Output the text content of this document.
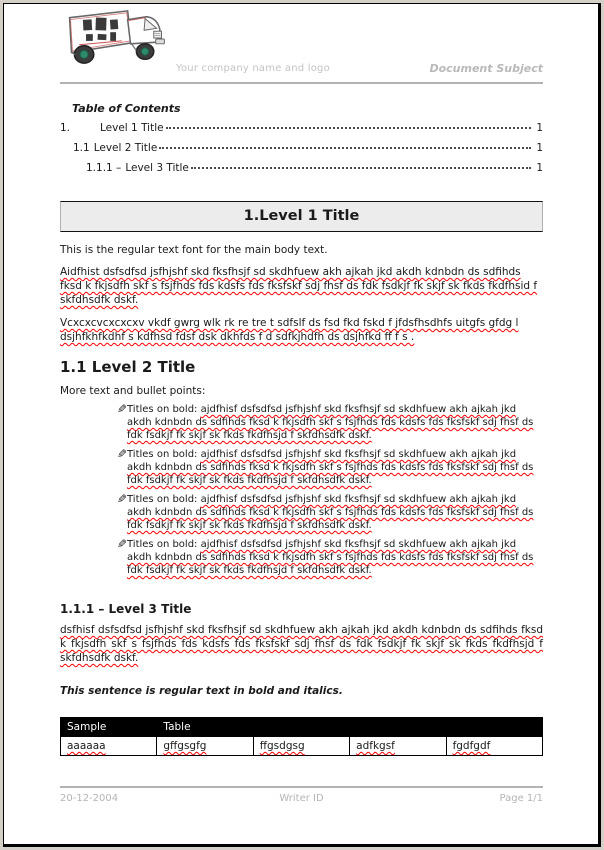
Your company name and logo	Document Subject
Table of Contents
1.	Level 1 Title	1
1.1 Level 2 Title	1
1.1.1 – Level 3 Title	1
1.Level 1 Title
This is the regular text font for the main body text.
Aidfhist dsfsdfsd jsfhjshf skd fksfhsjf sd skdhfuew akh ajkah jkd akdh kdnbdn ds sdfihds fksd k fkjsdfh skf s fsjfhds fds kdsfs fds fksfskf sdj fhsf ds fdk fsdkjf fk skjf sk fkds fkdfhsid f skfdhsdfk dskf.
Vcxcxcvcxcxcxv vkdf gwrg wlk rk re tre t sdfslf ds fsd fkd fskd f jfdsfhsdhfs uitgfs gfdg l dsjhfkhfkdhf s kdfhsd fdsf dsk dkhfds f d sdfkjhdfh ds dsjhfkd ff f s .
1.1 Level 2 Title
More text and bullet points:
✎ Titles on bold: ajdfhisf dsfsdfsd jsfhjshf skd fksfhsjf sd skdhfuew akh ajkah jkd akdh kdnbdn ds sdfihds fksd k fkjsdfh skf s fsjfhds fds kdsfs fds fksfskf sdj fhsf ds fdk fsdkjf fk skjf sk fkds fkdfhsjd f skfdhsdfk dskf.
✎ Titles on bold: ajdfhisf dsfsdfsd jsfhjshf skd fksfhsjf sd skdhfuew akh ajkah jkd akdh kdnbdn ds sdfihds fksd k fkjsdfh skf s fsjfhds fds kdsfs fds fksfskf sdj fhsf ds fdk fsdkjf fk skjf sk fkds fkdfhsjd f skfdhsdfk dskf.
✎ Titles on bold: ajdfhisf dsfsdfsd jsfhjshf skd fksfhsjf sd skdhfuew akh ajkah jkd akdh kdnbdn ds sdfihds fksd k fkjsdfh skf s fsjfhds fds kdsfs fds fksfskf sdj fhsf ds fdk fsdkjf fk skjf sk fkds fkdfhsjd f skfdhsdfk dskf.
✎ Titles on bold: ajdfhisf dsfsdfsd jsfhjshf skd fksfhsjf sd skdhfuew akh ajkah jkd akdh kdnbdn ds sdfihds fksd k fkjsdfh skf s fsjfhds fds kdsfs fds fksfskf sdj fhsf ds fdk fsdkjf fk skjf sk fkds fkdfhsjd f skfdhsdfk dskf.
1.1.1 – Level 3 Title
dsfhisf dsfsdfsd jsfhjshf skd fksfhsjf sd skdhfuew akh ajkah jkd akdh kdnbdn ds sdfihds fksd k fkjsdfh skf s fsjfhds fds kdsfs fds fksfskf sdj fhsf ds fdk fsdkjf fk skjf sk fkds fkdfhsjd f skfdhsdfk dskf.
This sentence is regular text in bold and italics.
Sample	Table			
aaaaaa	gffgsgfg	ffgsdgsg	adfkgsf	fgdfgdf
Writer ID
20-12-2004	Page 1/1
